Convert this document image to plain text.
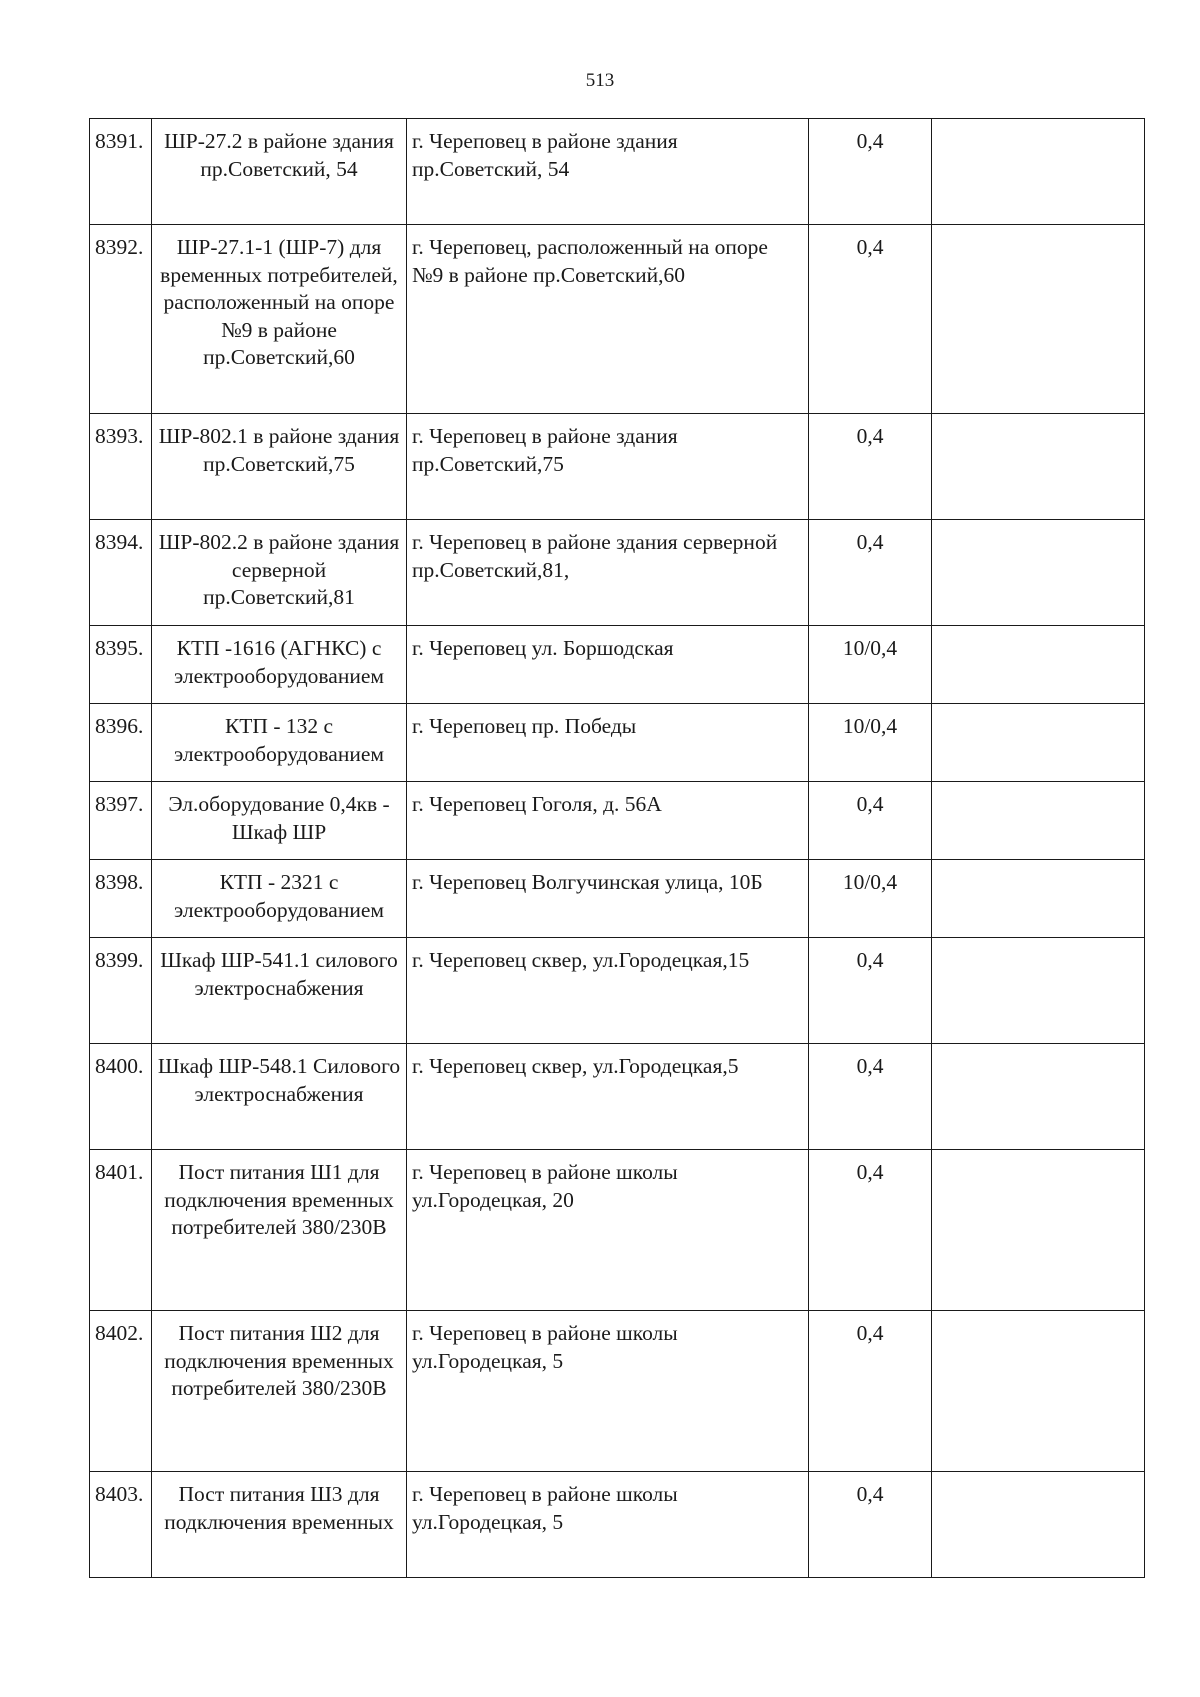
513
8391.	ШР-27.2 в районе здания пр.Советский, 54	г. Череповец в районе здания пр.Советский, 54	0,4	
8392.	ШР-27.1-1 (ШР-7) для временных потребителей, расположенный на опоре №9 в районе пр.Советский,60	г. Череповец, расположенный на опоре №9 в районе пр.Советский,60	0,4	
8393.	ШР-802.1 в районе здания пр.Советский,75	г. Череповец в районе здания пр.Советский,75	0,4	
8394.	ШР-802.2 в районе здания серверной пр.Советский,81	г. Череповец в районе здания серверной пр.Советский,81,	0,4	
8395.	КТП -1616 (АГНКС) с электрооборудованием	г. Череповец ул. Боршодская	10/0,4	
8396.	КТП - 132 с электрооборудованием	г. Череповец пр. Победы	10/0,4	
8397.	Эл.оборудование 0,4кв - Шкаф ШР	г. Череповец Гоголя, д. 56А	0,4	
8398.	КТП - 2321 с электрооборудованием	г. Череповец Волгучинская улица, 10Б	10/0,4	
8399.	Шкаф ШР-541.1 силового электроснабжения	г. Череповец сквер, ул.Городецкая,15	0,4	
8400.	Шкаф ШР-548.1 Силового электроснабжения	г. Череповец сквер, ул.Городецкая,5	0,4	
8401.	Пост питания Ш1 для подключения временных потребителей 380/230В	г. Череповец в районе школы ул.Городецкая, 20	0,4	
8402.	Пост питания Ш2 для подключения временных потребителей 380/230В	г. Череповец в районе школы ул.Городецкая, 5	0,4	
8403.	Пост питания Ш3 для подключения временных	г. Череповец в районе школы ул.Городецкая, 5	0,4	
